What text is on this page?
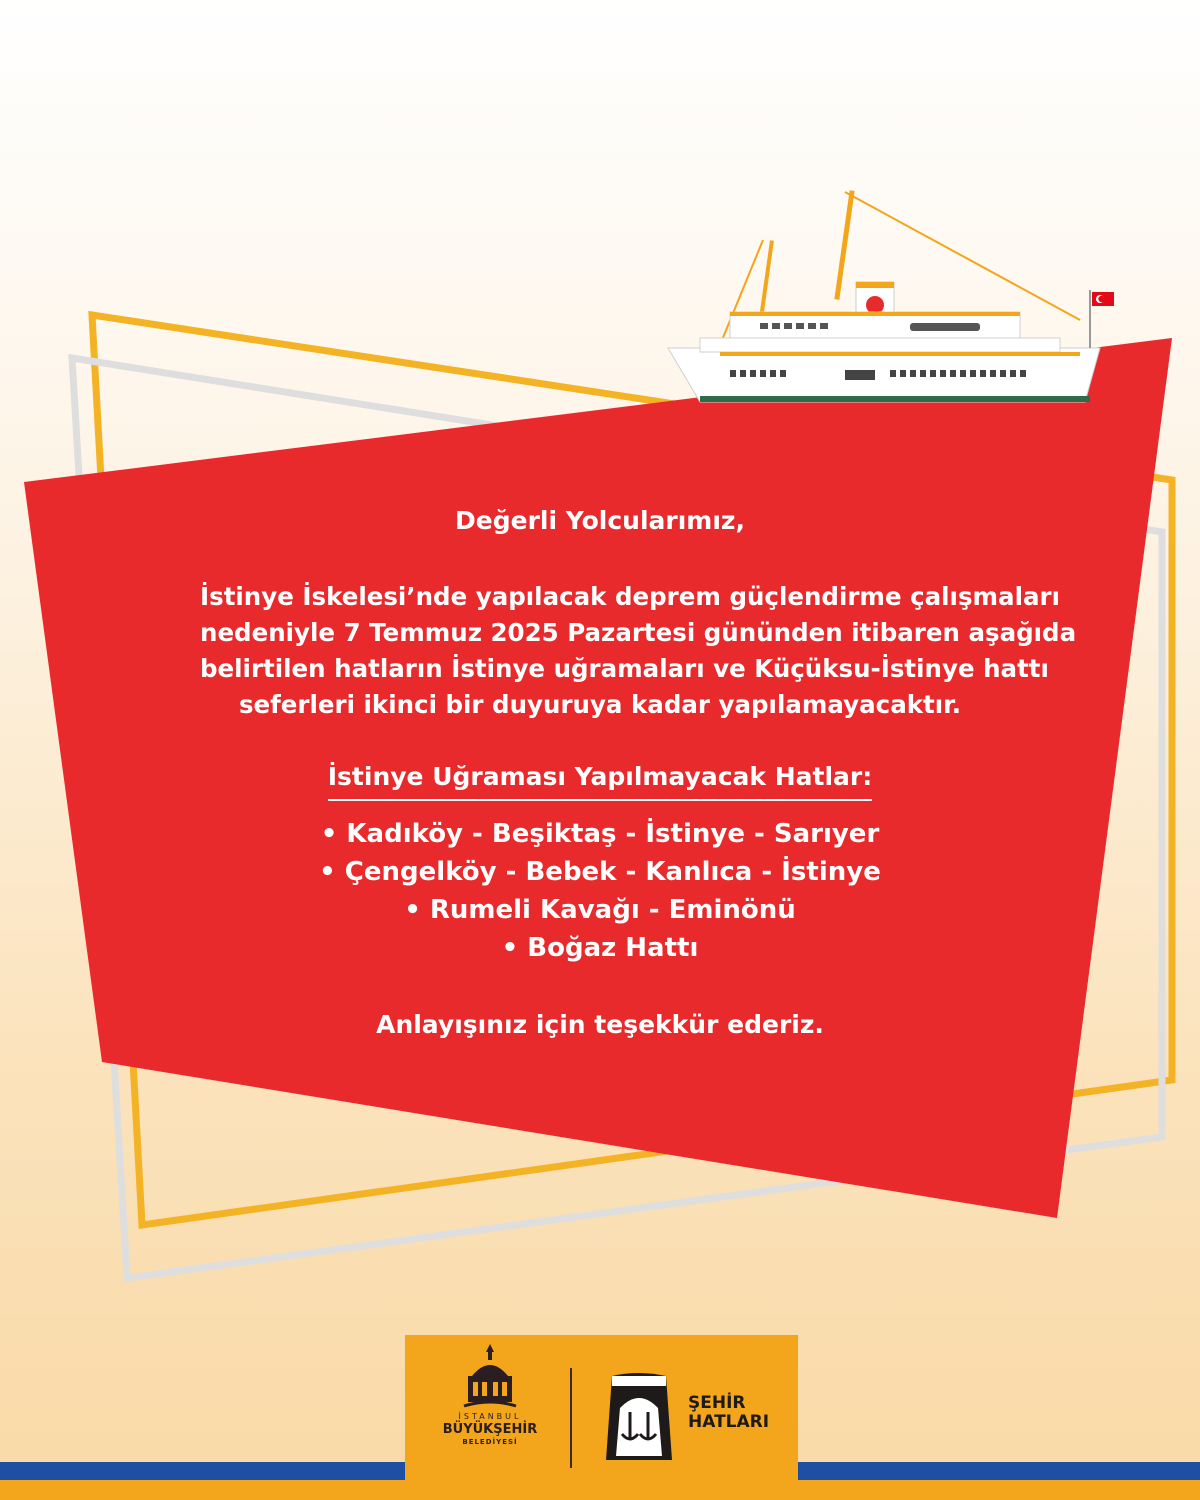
Değerli Yolcularımız,
İstinye İskelesi’nde yapılacak deprem güçlendirme çalışmaları
nedeniyle 7 Temmuz 2025 Pazartesi gününden itibaren aşağıda
belirtilen hatların İstinye uğramaları ve Küçüksu-İstinye hattı
seferleri ikinci bir duyuruya kadar yapılamayacaktır.
İstinye Uğraması Yapılmayacak Hatlar:
• Kadıköy - Beşiktaş - İstinye - Sarıyer
• Çengelköy - Bebek - Kanlıca - İstinye
• Rumeli Kavağı - Eminönü
• Boğaz Hattı
Anlayışınız için teşekkür ederiz.
İSTANBUL
BÜYÜKŞEHİR
BELEDİYESİ
1851
ŞEHİR
HATLARI
